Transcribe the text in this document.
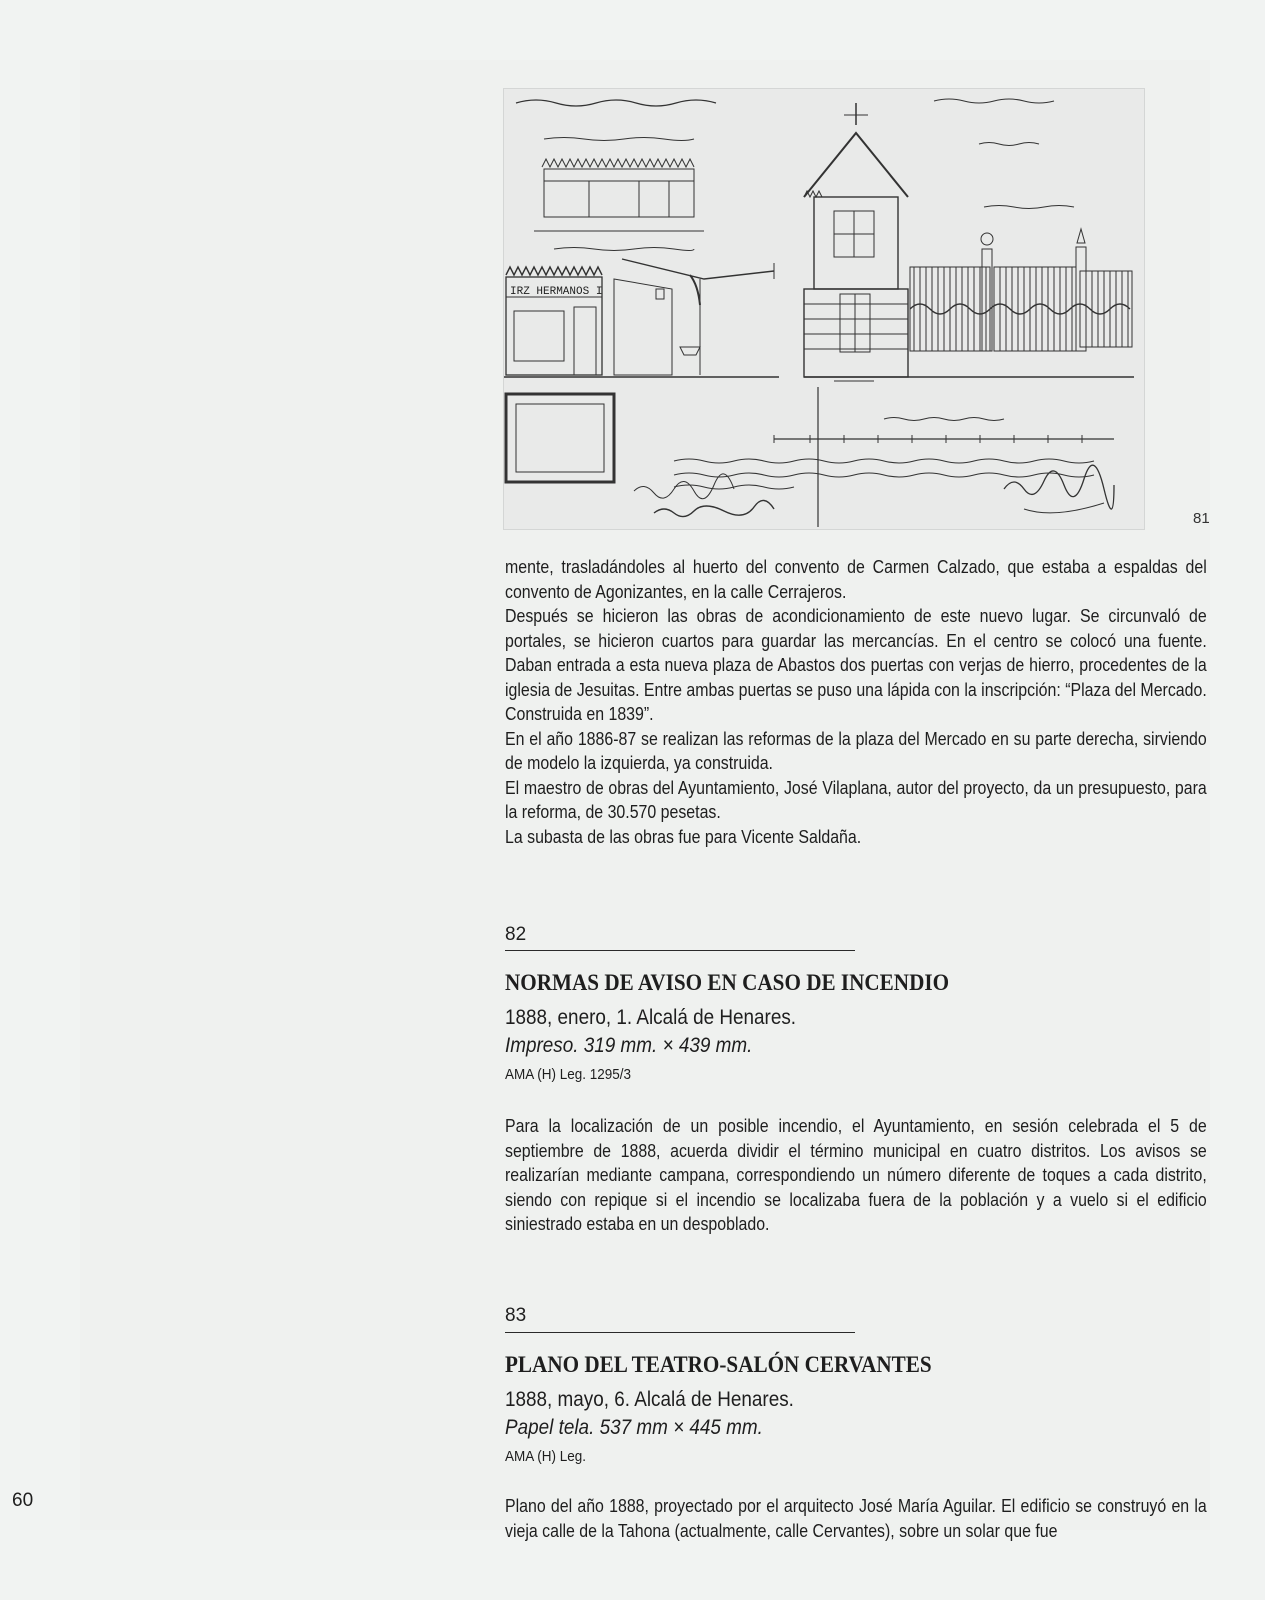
IRZ HERMANOS I
81

mente, trasladándoles al huerto del convento de Carmen Calzado, que estaba a espaldas del convento de Agonizantes, en la calle Cerrajeros.

Después se hicieron las obras de acondicionamiento de este nuevo lugar. Se circunvaló de portales, se hicieron cuartos para guardar las mercancías. En el centro se colocó una fuente. Daban entrada a esta nueva plaza de Abastos dos puertas con verjas de hierro, procedentes de la iglesia de Jesuitas. Entre ambas puertas se puso una lápida con la inscripción: “Plaza del Mercado. Construida en 1839”.

En el año 1886-87 se realizan las reformas de la plaza del Mercado en su parte derecha, sirviendo de modelo la izquierda, ya construida.

El maestro de obras del Ayuntamiento, José Vilaplana, autor del proyecto, da un presupuesto, para la reforma, de 30.570 pesetas.

La subasta de las obras fue para Vicente Saldaña.

82
NORMAS DE AVISO EN CASO DE INCENDIO
1888, enero, 1. Alcalá de Henares.
Impreso. 319 mm. × 439 mm.
AMA (H) Leg. 1295/3

Para la localización de un posible incendio, el Ayuntamiento, en sesión celebrada el 5 de septiembre de 1888, acuerda dividir el término municipal en cuatro distritos. Los avisos se realizarían mediante campana, correspondiendo un número diferente de toques a cada distrito, siendo con repique si el incendio se localizaba fuera de la población y a vuelo si el edificio siniestrado estaba en un despoblado.

83
PLANO DEL TEATRO-SALÓN CERVANTES
1888, mayo, 6. Alcalá de Henares.
Papel tela. 537 mm × 445 mm.
AMA (H) Leg.

Plano del año 1888, proyectado por el arquitecto José María Aguilar. El edificio se construyó en la vieja calle de la Tahona (actualmente, calle Cervantes), sobre un solar que fue

60
